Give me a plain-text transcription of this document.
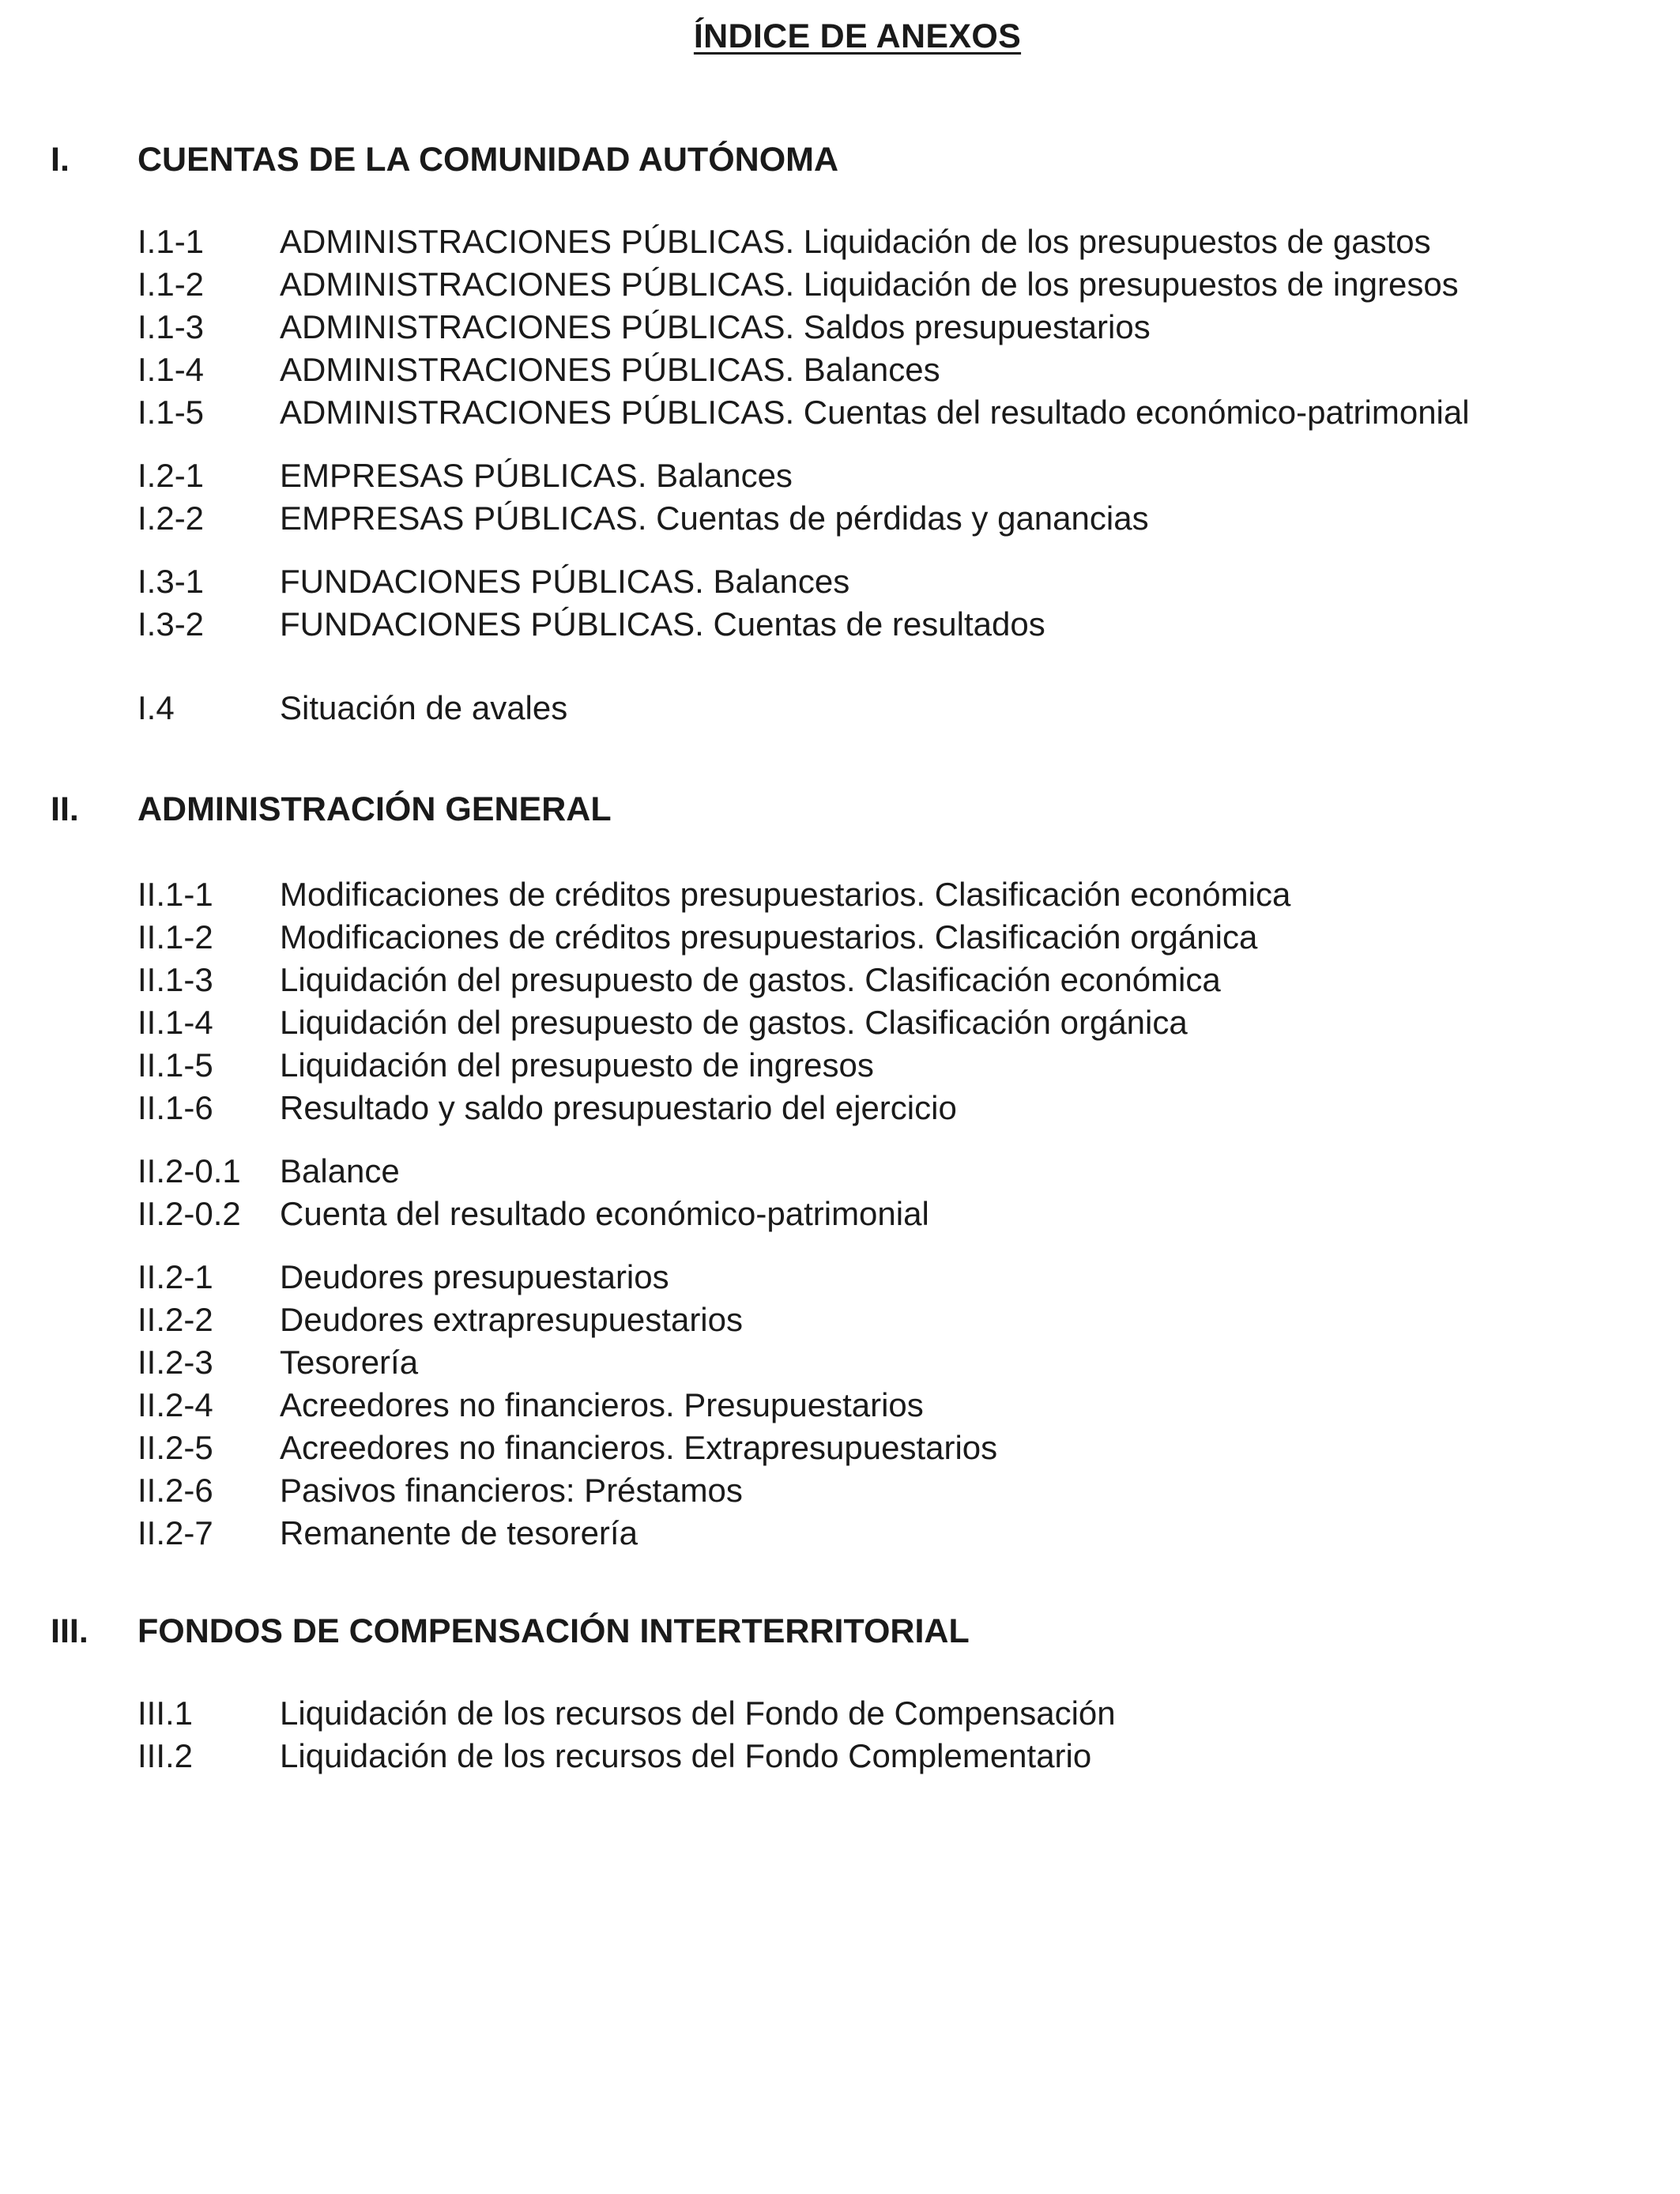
ÍNDICE DE ANEXOS
I. CUENTAS DE LA COMUNIDAD AUTÓNOMA
I.1-1 ADMINISTRACIONES PÚBLICAS. Liquidación de los presupuestos de gastos
I.1-2 ADMINISTRACIONES PÚBLICAS. Liquidación de los presupuestos de ingresos
I.1-3 ADMINISTRACIONES PÚBLICAS. Saldos presupuestarios
I.1-4 ADMINISTRACIONES PÚBLICAS. Balances
I.1-5 ADMINISTRACIONES PÚBLICAS. Cuentas del resultado económico-patrimonial
I.2-1 EMPRESAS PÚBLICAS. Balances
I.2-2 EMPRESAS PÚBLICAS. Cuentas de pérdidas y ganancias
I.3-1 FUNDACIONES PÚBLICAS. Balances
I.3-2 FUNDACIONES PÚBLICAS. Cuentas de resultados
I.4	Situación de avales
II. ADMINISTRACIÓN GENERAL
II.1-1 Modificaciones de créditos presupuestarios. Clasificación económica
II.1-2 Modificaciones de créditos presupuestarios. Clasificación orgánica
II.1-3 Liquidación del presupuesto de gastos. Clasificación económica
II.1-4 Liquidación del presupuesto de gastos. Clasificación orgánica
II.1-5 Liquidación del presupuesto de ingresos
II.1-6 Resultado y saldo presupuestario del ejercicio
II.2-0.1 Balance
II.2-0.2 Cuenta del resultado económico-patrimonial
II.2-1 Deudores presupuestarios
II.2-2 Deudores extrapresupuestarios
II.2-3 Tesorería
II.2-4 Acreedores no financieros. Presupuestarios
II.2-5 Acreedores no financieros. Extrapresupuestarios
II.2-6 Pasivos financieros: Préstamos
II.2-7 Remanente de tesorería
III. FONDOS DE COMPENSACIÓN INTERTERRITORIAL
III.1	Liquidación de los recursos del Fondo de Compensación
III.2	Liquidación de los recursos del Fondo Complementario
